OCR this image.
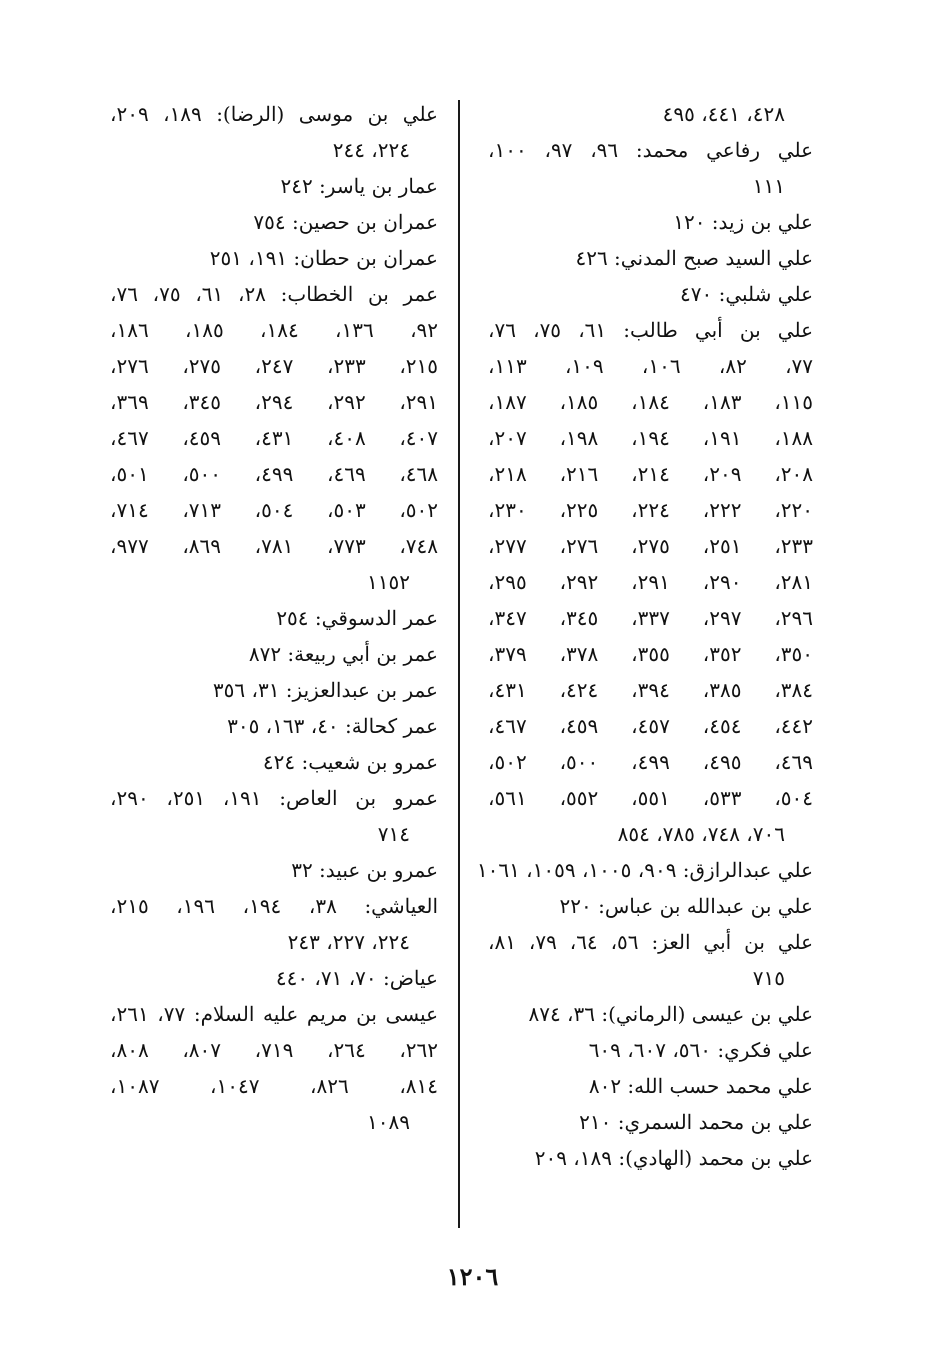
٤٢٨، ٤٤١، ٤٩٥
علي رفاعي محمد: ٩٦، ٩٧، ١٠٠،
١١١
علي بن زيد: ١٢٠
علي السيد صبح المدني: ٤٢٦
علي شلبي: ٤٧٠
علي بن أبي طالب: ٦١، ٧٥، ٧٦،
٧٧، ٨٢، ١٠٦، ١٠٩، ١١٣،
١١٥، ١٨٣، ١٨٤، ١٨٥، ١٨٧،
١٨٨، ١٩١، ١٩٤، ١٩٨، ٢٠٧،
٢٠٨، ٢٠٩، ٢١٤، ٢١٦، ٢١٨،
٢٢٠، ٢٢٢، ٢٢٤، ٢٢٥، ٢٣٠،
٢٣٣، ٢٥١، ٢٧٥، ٢٧٦، ٢٧٧،
٢٨١، ٢٩٠، ٢٩١، ٢٩٢، ٢٩٥،
٢٩٦، ٢٩٧، ٣٣٧، ٣٤٥، ٣٤٧،
٣٥٠، ٣٥٢، ٣٥٥، ٣٧٨، ٣٧٩،
٣٨٤، ٣٨٥، ٣٩٤، ٤٢٤، ٤٣١،
٤٤٢، ٤٥٤، ٤٥٧، ٤٥٩، ٤٦٧،
٤٦٩، ٤٩٥، ٤٩٩، ٥٠٠، ٥٠٢،
٥٠٤، ٥٣٣، ٥٥١، ٥٥٢، ٥٦١،
٧٠٦، ٧٤٨، ٧٨٥، ٨٥٤
علي عبدالرازق: ٩٠٩، ١٠٠٥، ١٠٥٩، ١٠٦١
علي بن عبدالله بن عباس: ٢٢٠
علي بن أبي العز: ٥٦، ٦٤، ٧٩، ٨١،
٧١٥
علي بن عيسى (الرماني): ٣٦، ٨٧٤
علي فكري: ٥٦٠، ٦٠٧، ٦٠٩
علي محمد حسب الله: ٨٠٢
علي بن محمد السمري: ٢١٠
علي بن محمد (الهادي): ١٨٩، ٢٠٩
علي بن موسى (الرضا): ١٨٩، ٢٠٩،
٢٢٤، ٢٤٤
عمار بن ياسر: ٢٤٢
عمران بن حصين: ٧٥٤
عمران بن حطان: ١٩١، ٢٥١
عمر بن الخطاب: ٢٨، ٦١، ٧٥، ٧٦،
٩٢، ١٣٦، ١٨٤، ١٨٥، ١٨٦،
٢١٥، ٢٣٣، ٢٤٧، ٢٧٥، ٢٧٦،
٢٩١، ٢٩٢، ٢٩٤، ٣٤٥، ٣٦٩،
٤٠٧، ٤٠٨، ٤٣١، ٤٥٩، ٤٦٧،
٤٦٨، ٤٦٩، ٤٩٩، ٥٠٠، ٥٠١،
٥٠٢، ٥٠٣، ٥٠٤، ٧١٣، ٧١٤،
٧٤٨، ٧٧٣، ٧٨١، ٨٦٩، ٩٧٧،
١١٥٢
عمر الدسوقي: ٢٥٤
عمر بن أبي ربيعة: ٨٧٢
عمر بن عبدالعزيز: ٣١، ٣٥٦
عمر كحالة: ٤٠، ١٦٣، ٣٠٥
عمرو بن شعيب: ٤٢٤
عمرو بن العاص: ١٩١، ٢٥١، ٢٩٠،
٧١٤
عمرو بن عبيد: ٣٢
العياشي: ٣٨، ١٩٤، ١٩٦، ٢١٥،
٢٢٤، ٢٢٧، ٢٤٣
عياض: ٧٠، ٧١، ٤٤٠
عيسى بن مريم عليه السلام: ٧٧، ٢٦١،
٢٦٢، ٢٦٤، ٧١٩، ٨٠٧، ٨٠٨،
٨١٤، ٨٢٦، ١٠٤٧، ١٠٨٧،
١٠٨٩
١٢٠٦
